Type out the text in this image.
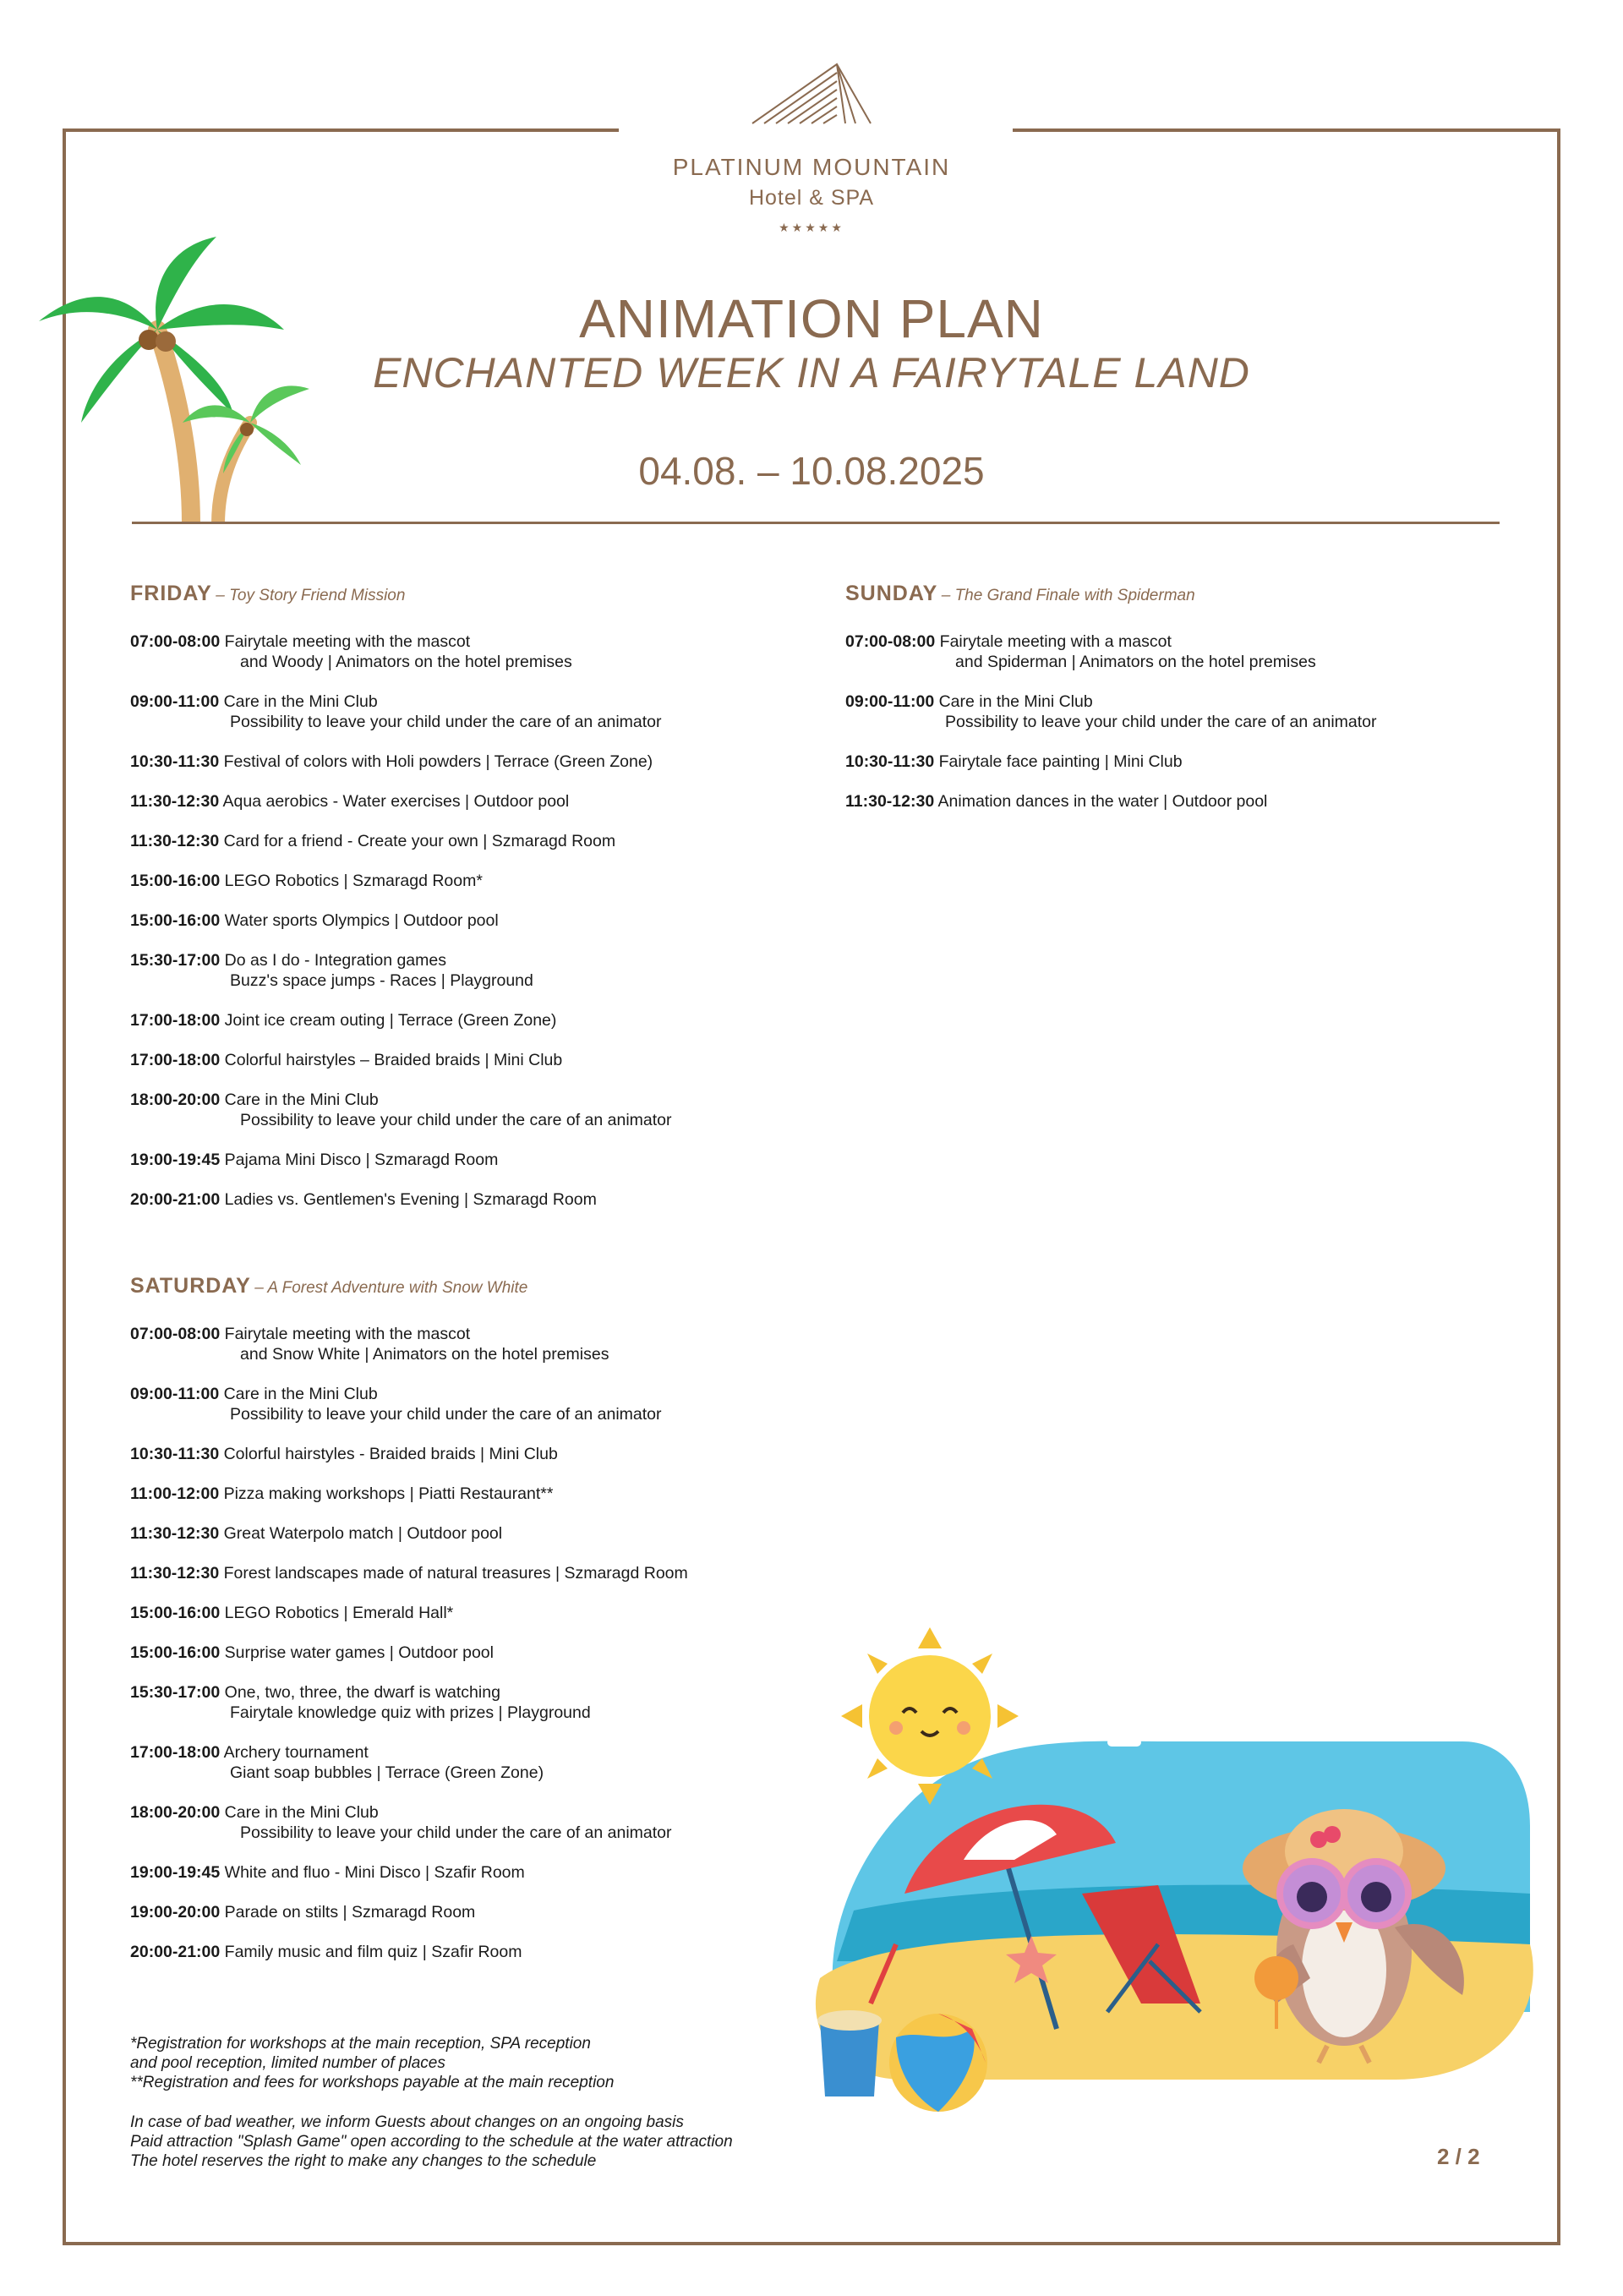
PLATINUM MOUNTAIN
Hotel & SPA
★★★★★
ANIMATION PLAN
ENCHANTED WEEK IN A FAIRYTALE LAND
04.08. – 10.08.2025
FRIDAY – Toy Story Friend Mission
07:00-08:00 Fairytale meeting with the mascot
and Woody | Animators on the hotel premises
09:00-11:00 Care in the Mini Club
Possibility to leave your child under the care of an animator
10:30-11:30 Festival of colors with Holi powders | Terrace (Green Zone)
11:30-12:30 Aqua aerobics - Water exercises | Outdoor pool
11:30-12:30 Card for a friend - Create your own | Szmaragd Room
15:00-16:00 LEGO Robotics | Szmaragd Room*
15:00-16:00 Water sports Olympics | Outdoor pool
15:30-17:00 Do as I do - Integration games
Buzz's space jumps - Races | Playground
17:00-18:00 Joint ice cream outing | Terrace (Green Zone)
17:00-18:00 Colorful hairstyles – Braided braids | Mini Club
18:00-20:00 Care in the Mini Club
Possibility to leave your child under the care of an animator
19:00-19:45 Pajama Mini Disco | Szmaragd Room
20:00-21:00 Ladies vs. Gentlemen's Evening | Szmaragd Room
SATURDAY – A Forest Adventure with Snow White
07:00-08:00 Fairytale meeting with the mascot
and Snow White | Animators on the hotel premises
09:00-11:00 Care in the Mini Club
Possibility to leave your child under the care of an animator
10:30-11:30 Colorful hairstyles - Braided braids | Mini Club
11:00-12:00 Pizza making workshops | Piatti Restaurant**
11:30-12:30 Great Waterpolo match | Outdoor pool
11:30-12:30 Forest landscapes made of natural treasures | Szmaragd Room
15:00-16:00 LEGO Robotics | Emerald Hall*
15:00-16:00 Surprise water games | Outdoor pool
15:30-17:00 One, two, three, the dwarf is watching
Fairytale knowledge quiz with prizes | Playground
17:00-18:00 Archery tournament
Giant soap bubbles | Terrace (Green Zone)
18:00-20:00 Care in the Mini Club
Possibility to leave your child under the care of an animator
19:00-19:45 White and fluo - Mini Disco | Szafir Room
19:00-20:00 Parade on stilts | Szmaragd Room
20:00-21:00 Family music and film quiz | Szafir Room
SUNDAY – The Grand Finale with Spiderman
07:00-08:00 Fairytale meeting with a mascot
and Spiderman | Animators on the hotel premises
09:00-11:00 Care in the Mini Club
Possibility to leave your child under the care of an animator
10:30-11:30 Fairytale face painting | Mini Club
11:30-12:30 Animation dances in the water | Outdoor pool
*Registration for workshops at the main reception, SPA reception
and pool reception, limited number of places
**Registration and fees for workshops payable at the main reception
In case of bad weather, we inform Guests about changes on an ongoing basis
Paid attraction "Splash Game" open according to the schedule at the water attraction
The hotel reserves the right to make any changes to the schedule	2 / 2
